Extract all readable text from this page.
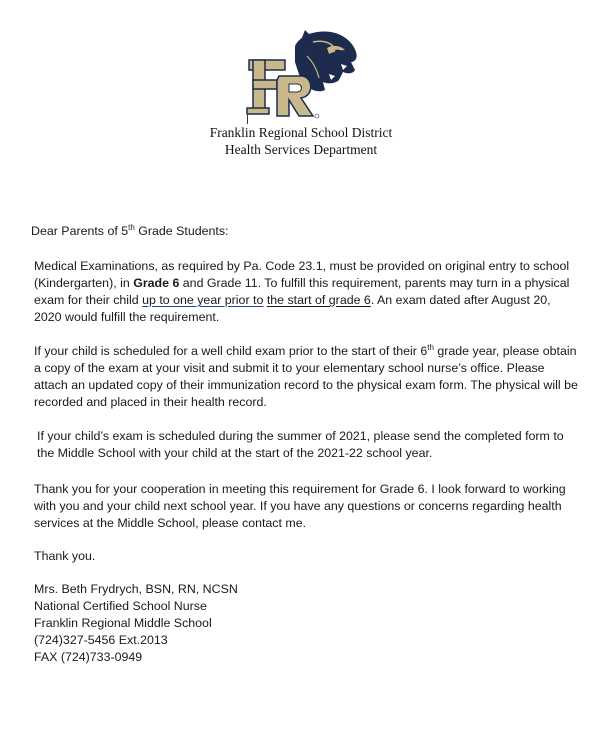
Franklin Regional School District
Health Services Department
Dear Parents of 5th Grade Students:

Medical Examinations, as required by Pa. Code 23.1, must be provided on original entry to school (Kindergarten), in Grade 6 and Grade 11. To fulfill this requirement, parents may turn in a physical exam for their child up to one year prior to the start of grade 6. An exam dated after August 20, 2020 would fulfill the requirement.

If your child is scheduled for a well child exam prior to the start of their 6th grade year, please obtain a copy of the exam at your visit and submit it to your elementary school nurse’s office. Please attach an updated copy of their immunization record to the physical exam form. The physical will be recorded and placed in their health record.

If your child’s exam is scheduled during the summer of 2021, please send the completed form to the Middle School with your child at the start of the 2021-22 school year.

Thank you for your cooperation in meeting this requirement for Grade 6. I look forward to working with you and your child next school year. If you have any questions or concerns regarding health services at the Middle School, please contact me.

Thank you.

Mrs. Beth Frydrych, BSN, RN, NCSN
National Certified School Nurse
Franklin Regional Middle School
(724)327-5456 Ext.2013
FAX (724)733-0949
